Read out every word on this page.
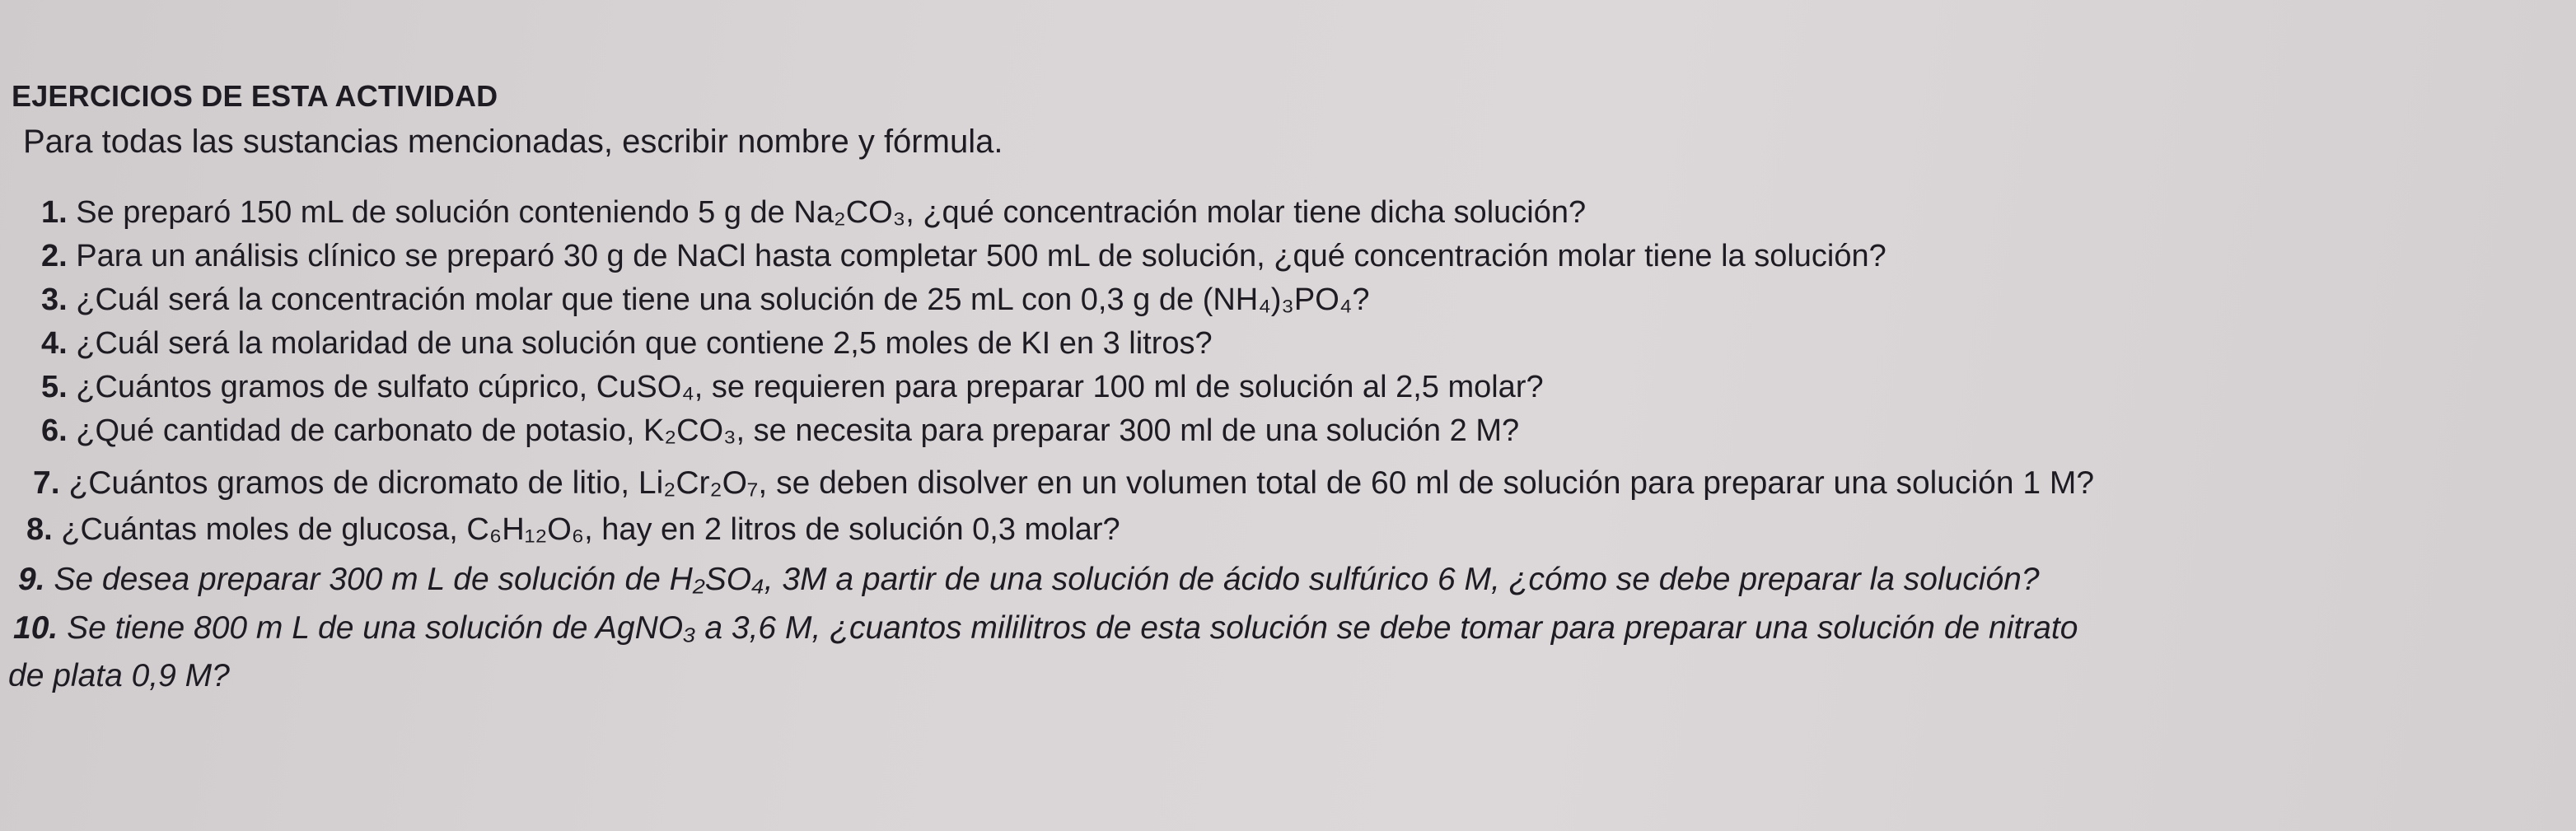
EJERCICIOS DE ESTA ACTIVIDAD
Para todas las sustancias mencionadas, escribir nombre y fórmula.
1. Se preparó 150 mL de solución conteniendo 5 g de Na₂CO₃, ¿qué concentración molar tiene dicha solución?
2. Para un análisis clínico se preparó 30 g de NaCl hasta completar 500 mL de solución, ¿qué concentración molar tiene la solución?
3. ¿Cuál será la concentración molar que tiene una solución de 25 mL con 0,3 g de (NH₄)₃PO₄?
4. ¿Cuál será la molaridad de una solución que contiene 2,5 moles de KI en 3 litros?
5. ¿Cuántos gramos de sulfato cúprico, CuSO₄, se requieren para preparar 100 ml de solución al 2,5 molar?
6. ¿Qué cantidad de carbonato de potasio, K₂CO₃, se necesita para preparar 300 ml de una solución 2 M?
7. ¿Cuántos gramos de dicromato de litio, Li₂Cr₂O₇, se deben disolver en un volumen total de 60 ml de solución para preparar una solución 1 M?
8. ¿Cuántas moles de glucosa, C₆H₁₂O₆, hay en 2 litros de solución 0,3 molar?
9. Se desea preparar 300 m L de solución de H₂SO₄, 3M a partir de una solución de ácido sulfúrico 6 M, ¿cómo se debe preparar la solución?
10. Se tiene 800 m L de una solución de AgNO₃ a 3,6 M, ¿cuantos mililitros de esta solución se debe tomar para preparar una solución de nitrato
de plata 0,9 M?
